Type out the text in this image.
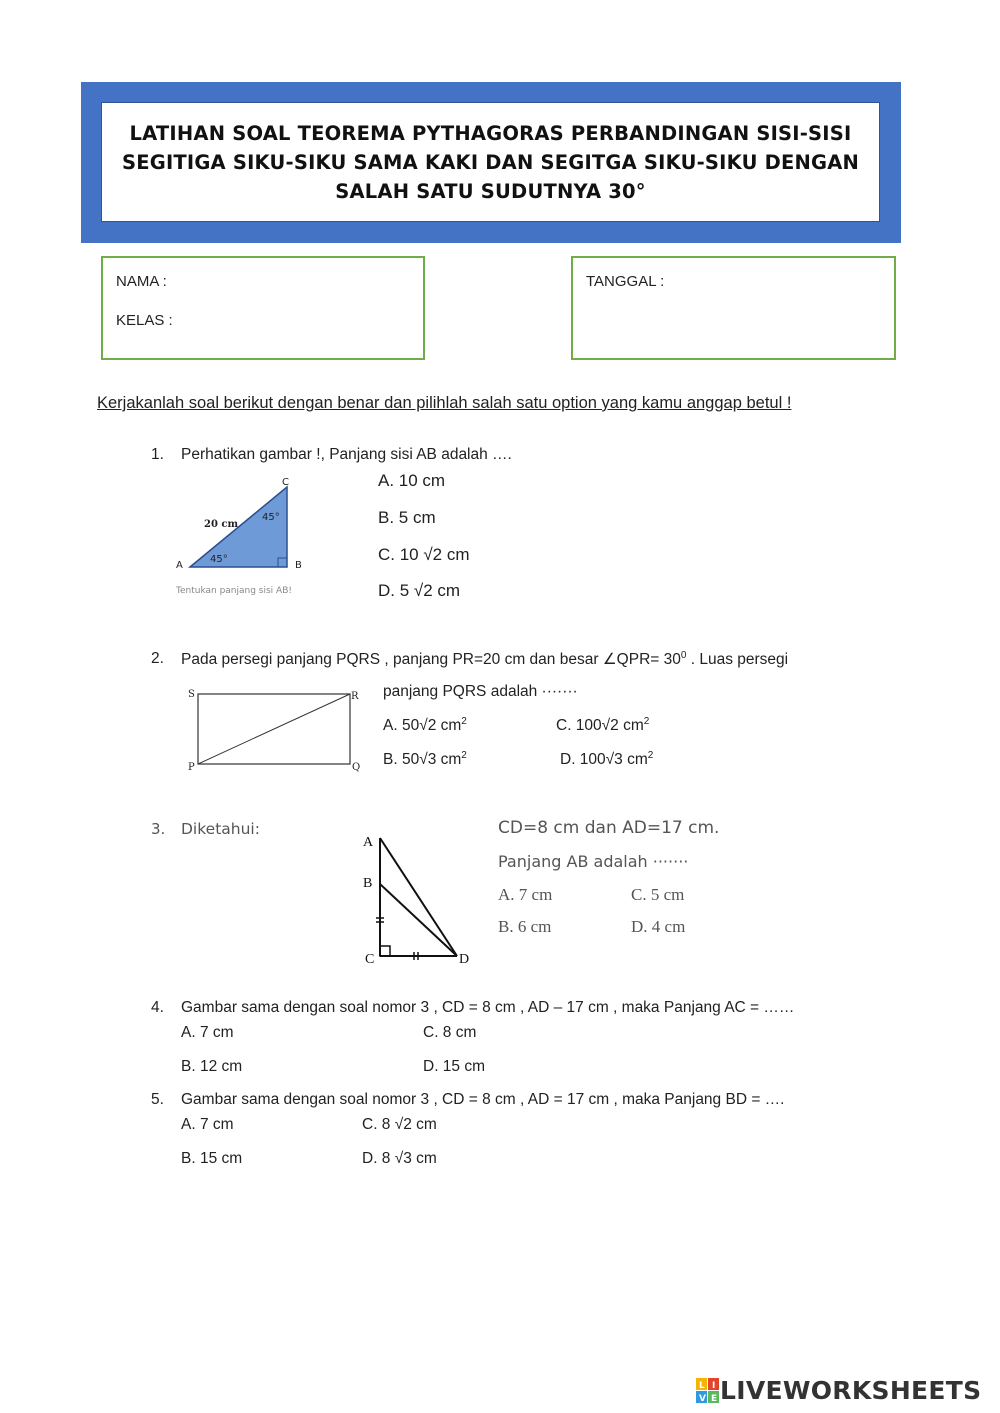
LATIHAN SOAL TEOREMA PYTHAGORAS PERBANDINGAN SISI-SISI
SEGITIGA SIKU-SIKU SAMA KAKI DAN SEGITGA SIKU-SIKU DENGAN
SALAH SATU SUDUTNYA 30°
NAMA :
KELAS :
TANGGAL :
Kerjakanlah soal berikut dengan benar dan pilihlah salah satu option yang kamu anggap betul !
1. Perhatikan gambar !, Panjang sisi AB adalah ….
C
A	B
20 cm
45°
45°
Tentukan panjang sisi AB!
A. 10 cm
B. 5 cm
C. 10 √2 cm
D. 5 √2 cm
2. Pada persegi panjang PQRS , panjang PR=20 cm dan besar ∠QPR= $30^0$ . Luas persegi
S	R
P	Q
panjang PQRS adalah ·······
A. 50√2 $cm^2$	C. 100√2 $cm^2$
B. 50√3 $cm^2$	D. 100√3 $cm^2$
3. Diketahui:
A
B
C	D
CD=8 cm dan AD=17 cm.
Panjang AB adalah ·······
A. 7 cm	C. 5 cm
B. 6 cm	D. 4 cm
4. Gambar sama dengan soal nomor 3 , CD = 8 cm , AD – 17 cm , maka Panjang AC = ……
A. 7 cm	C. 8 cm
B. 12 cm	D. 15 cm
5. Gambar sama dengan soal nomor 3 , CD = 8 cm , AD = 17 cm , maka Panjang BD = ….
A. 7 cm	C. 8 √2 cm
B. 15 cm	D. 8 √3 cm
L I
V E LIVEWORKSHEETS
